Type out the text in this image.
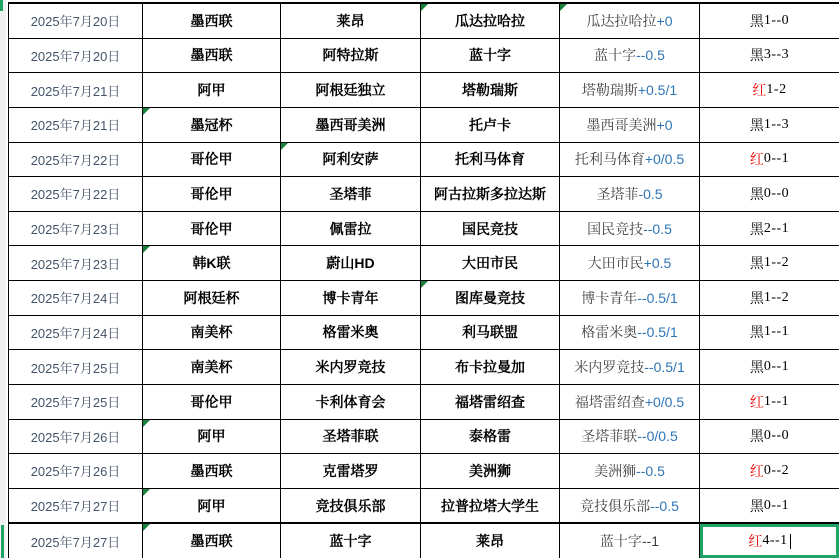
2025年7月20日	墨西联	莱昂	瓜达拉哈拉	瓜达拉哈拉 +0	黑 1--0
2025年7月20日	墨西联	阿特拉斯	蓝十字	蓝十字 --0.5	黑 3--3
2025年7月21日	阿甲	阿根廷独立	塔勒瑞斯	塔勒瑞斯 +0.5/1	红 1-2
2025年7月21日	墨冠杯	墨西哥美洲	托卢卡	墨西哥美洲 +0	黑 1--3
2025年7月22日	哥伦甲	阿利安萨	托利马体育	托利马体育 +0/0.5	红 0--1
2025年7月22日	哥伦甲	圣塔菲	阿古拉斯多拉达斯	圣塔菲 -0.5	黑 0--0
2025年7月23日	哥伦甲	佩雷拉	国民竞技	国民竞技 --0.5	黑 2--1
2025年7月23日	韩K联	蔚山HD	大田市民	大田市民 +0.5	黑 1--2
2025年7月24日	阿根廷杯	博卡青年	图库曼竞技	博卡青年 --0.5/1	黑 1--2
2025年7月24日	南美杯	格雷米奥	利马联盟	格雷米奥 --0.5/1	黑 1--1
2025年7月25日	南美杯	米内罗竞技	布卡拉曼加	米内罗竞技 --0.5/1	黑 0--1
2025年7月25日	哥伦甲	卡利体育会	福塔雷绍查	福塔雷绍查 +0/0.5	红 1--1
2025年7月26日	阿甲	圣塔菲联	泰格雷	圣塔菲联 --0/0.5	黑 0--0
2025年7月26日	墨西联	克雷塔罗	美洲狮	美洲狮 --0.5	红 0--2
2025年7月27日	阿甲	竞技俱乐部	拉普拉塔大学生	竞技俱乐部 --0.5	黑 0--1
2025年7月27日	墨西联	蓝十字	莱昂	蓝十字 --1	红 4--1
